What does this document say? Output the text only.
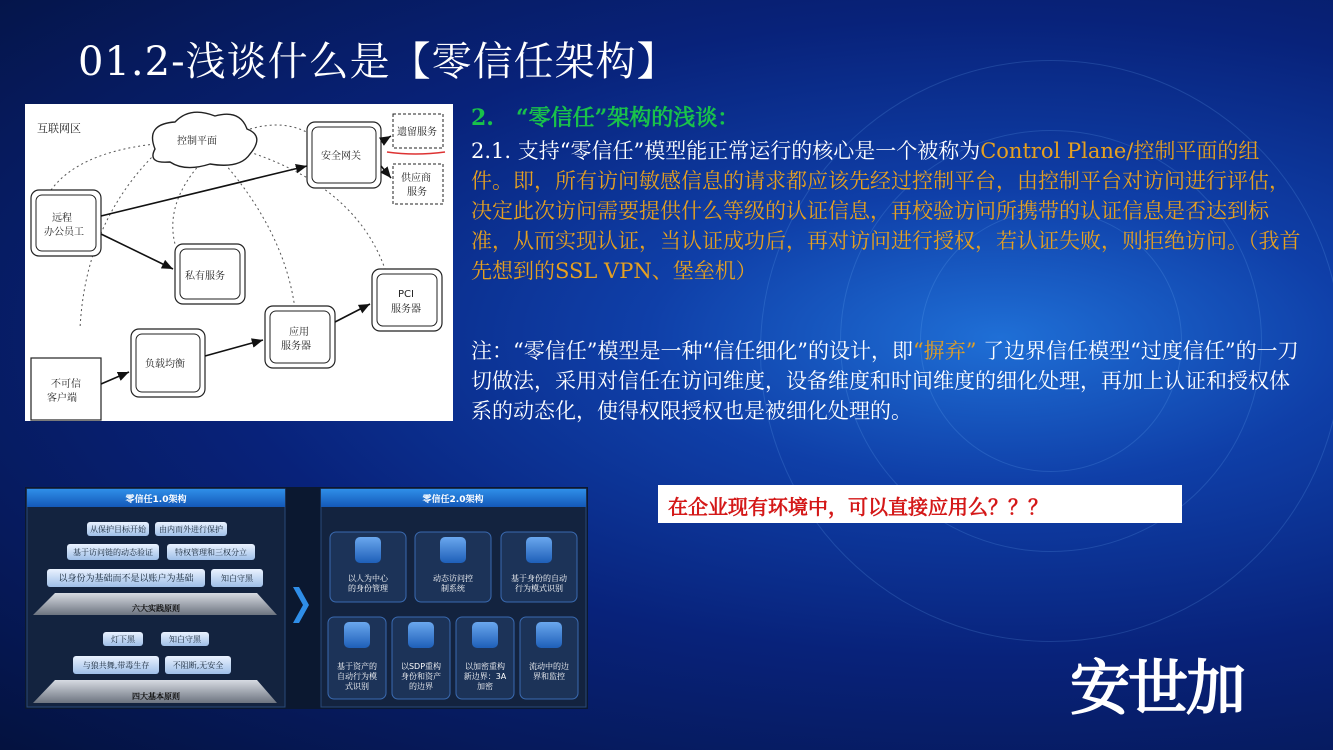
01.2-浅谈什么是【零信任架构】
互联网区
控制平面
安全网关
遗留服务
供应商
服务
远程
办公员工
私有服务
PCI
服务器
应用
服务器
负载均衡
不可信
客户端
2.　“零信任”架构的浅谈：
2.1. 支持“零信任”模型能正常运行的核心是一个被称为Control Plane/控制平面的组件。即，所有访问敏感信息的请求都应该先经过控制平台，由控制平台对访问进行评估，决定此次访问需要提供什么等级的认证信息，再校验访问所携带的认证信息是否达到标准，从而实现认证，当认证成功后，再对访问进行授权，若认证失败，则拒绝访问。（我首先想到的SSL VPN、堡垒机）
注：“零信任”模型是一种“信任细化”的设计，即“摒弃” 了边界信任模型“过度信任”的一刀切做法，采用对信任在访问维度，设备维度和时间维度的细化处理，再加上认证和授权体系的动态化，使得权限授权也是被细化处理的。
在企业现有环境中，可以直接应用么？？？
零信任1.0架构
从保护目标开始 由内而外进行保护
基于访问链的动态验证	特权管理和三权分立
以身份为基础而不是以账户为基础	知白守黑
六大实践原则
灯下黑	知白守黑
与狼共舞,带毒生存	不阻断,无安全
四大基本原则
零信任2.0架构
以人为中心
的身份管理
动态访问控
制系统
基于身份的自动
行为模式识别
基于资产的
自动行为模
式识别
以SDP重构
身份和资产
的边界
以加密重构
新边界：3A
加密
流动中的边
界和监控	安世加
